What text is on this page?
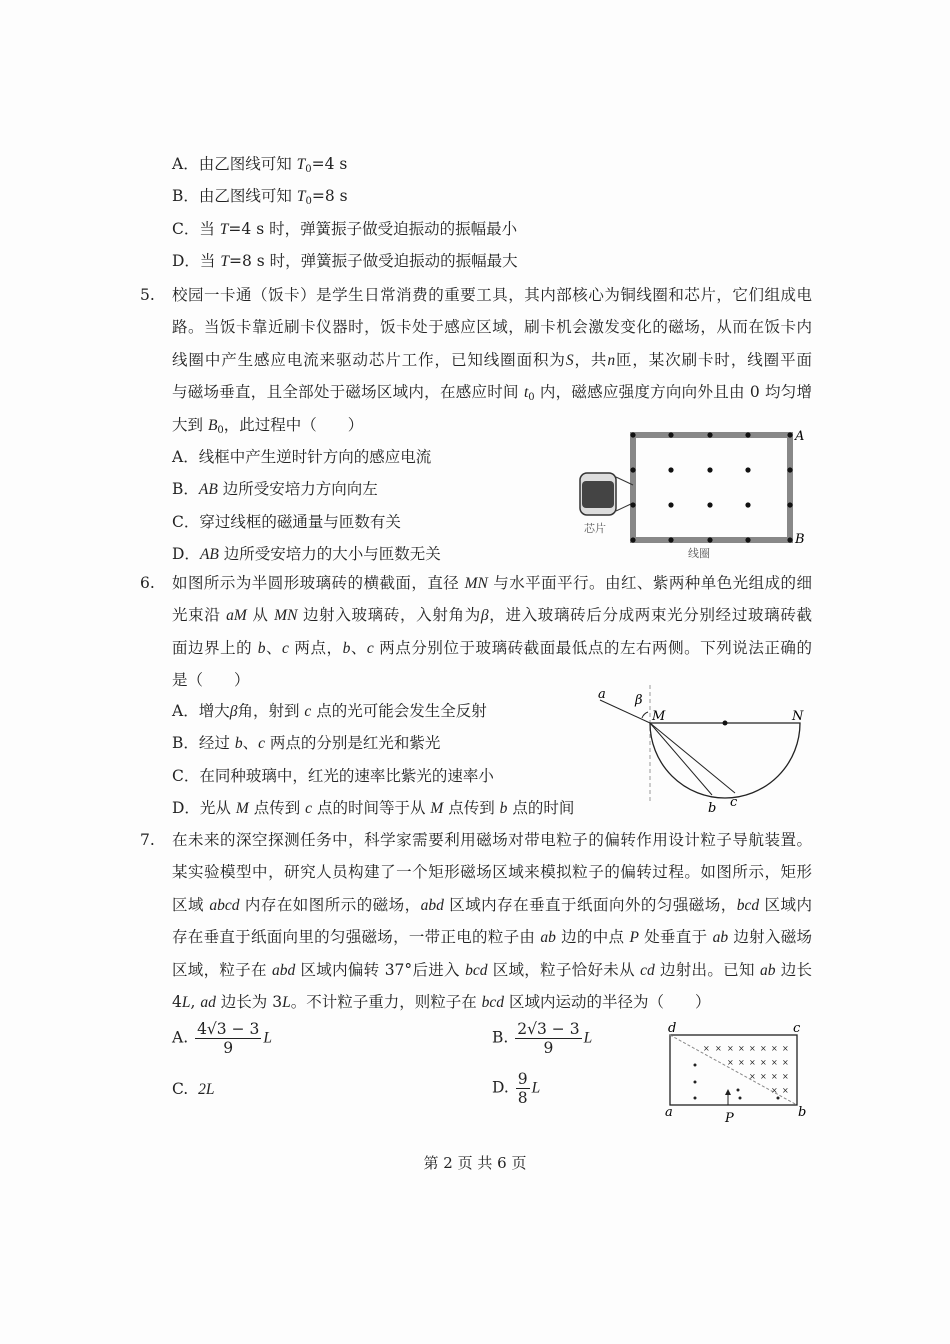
A．由乙图线可知 $T_0=4$ s
B．由乙图线可知 $T_0=8$ s
C．当 T=4 s 时，弹簧振子做受迫振动的振幅最小
D．当 T=8 s 时，弹簧振子做受迫振动的振幅最大
5. 校园一卡通（饭卡）是学生日常消费的重要工具，其内部核心为铜线圈和芯片，它们组成电
路。当饭卡靠近刷卡仪器时，饭卡处于感应区域，刷卡机会激发变化的磁场，从而在饭卡内
线圈中产生感应电流来驱动芯片工作，已知线圈面积为S，共n匝，某次刷卡时，线圈平面
与磁场垂直，且全部处于磁场区域内，在感应时间 $t_0$ 内，磁感应强度方向向外且由 0 均匀增
大到 $B_0$，此过程中（　　）
A．线框中产生逆时针方向的感应电流
B．AB 边所受安培力方向向左
C．穿过线框的磁通量与匝数有关
D．AB 边所受安培力的大小与匝数无关
A
B
芯片
线圈
6. 如图所示为半圆形玻璃砖的横截面，直径 MN 与水平面平行。由红、紫两种单色光组成的细
光束沿 aM 从 MN 边射入玻璃砖，入射角为β，进入玻璃砖后分成两束光分别经过玻璃砖截
面边界上的 b、c 两点，b、c 两点分别位于玻璃砖截面最低点的左右两侧。下列说法正确的
是（　　）
A．增大β角，射到 c 点的光可能会发生全反射
B．经过 b、c 两点的分别是红光和紫光
C．在同种玻璃中，红光的速率比紫光的速率小
D．光从 M 点传到 c 点的时间等于从 M 点传到 b 点的时间
a β
M	N
b c
7. 在未来的深空探测任务中，科学家需要利用磁场对带电粒子的偏转作用设计粒子导航装置。
某实验模型中，研究人员构建了一个矩形磁场区域来模拟粒子的偏转过程。如图所示，矩形
区域 abcd 内存在如图所示的磁场，abd 区域内存在垂直于纸面向外的匀强磁场，bcd 区域内
存在垂直于纸面向里的匀强磁场，一带正电的粒子由 ab 边的中点 P 处垂直于 ab 边射入磁场
区域，粒子在 abd 区域内偏转 37°后进入 bcd 区域，粒子恰好未从 cd 边射出。已知 ab 边长
4L, ad 边长为 3L。不计粒子重力，则粒子在 bcd 区域内运动的半径为（　　）
A. $\frac{4√3 - 3}{9}$ L	B. $\frac{2√3 - 3}{9}$ L
C. 2L	D. $\frac{9}{8}$ L
× × × × × × × ×
× × × × × ×
× × × ×
× ×
d	c
a	b
P
第 2 页 共 6 页
